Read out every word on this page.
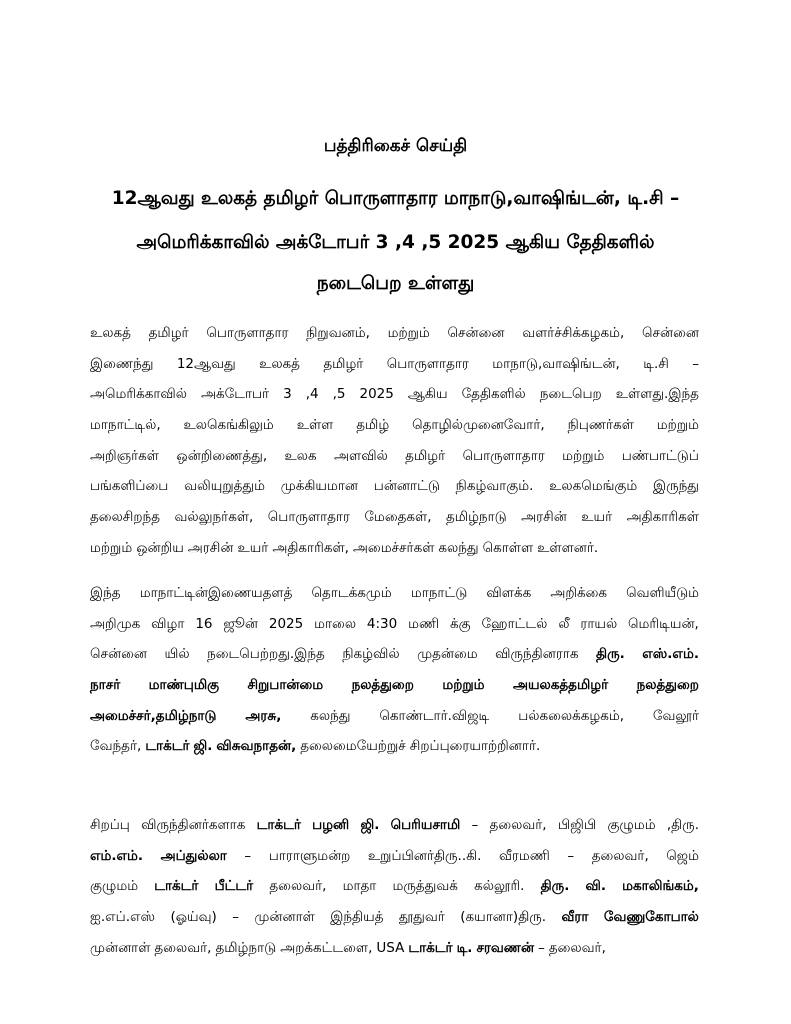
பத்திரிகைச் செய்தி
12ஆவது உலகத் தமிழர் பொருளாதார மாநாடு,வாஷிங்டன், டி.சி –
அமெரிக்காவில் அக்டோபர் 3 ,4 ,5 2025 ஆகிய தேதிகளில்
நடைபெற உள்ளது
உலகத் தமிழர் பொருளாதார நிறுவனம், மற்றும் சென்னை வளர்ச்சிக்கழகம், சென்னை
இணைந்து 12ஆவது உலகத் தமிழர் பொருளாதார மாநாடு,வாஷிங்டன், டி.சி –
அமெரிக்காவில் அக்டோபர் 3 ,4 ,5 2025 ஆகிய தேதிகளில் நடைபெற உள்ளது.இந்த
மாநாட்டில், உலகெங்கிலும் உள்ள தமிழ் தொழில்முனைவோர், நிபுணர்கள் மற்றும்
அறிஞர்கள் ஒன்றிணைத்து, உலக அளவில் தமிழர் பொருளாதார மற்றும் பண்பாட்டுப்
பங்களிப்பை வலியுறுத்தும் முக்கியமான பன்னாட்டு நிகழ்வாகும். உலகமெங்கும் இருந்து
தலைசிறந்த வல்லுநர்கள், பொருளாதார மேதைகள், தமிழ்நாடு அரசின் உயர் அதிகாரிகள்
மற்றும் ஒன்றிய அரசின் உயர் அதிகாரிகள், அமைச்சர்கள் கலந்து கொள்ள உள்ளனர்.
இந்த மாநாட்டின்இணையதளத் தொடக்கமும் மாநாட்டு விளக்க அறிக்கை வெளியீடும்
அறிமுக விழா 16 ஜூன் 2025 மாலை 4:30 மணி க்கு ஹோட்டல் லீ ராயல் மெரிடியன்,
சென்னை யில் நடைபெற்றது.இந்த நிகழ்வில் முதன்மை விருந்தினராக திரு. எஸ்.எம்.
நாசர் மாண்புமிகு சிறுபான்மை நலத்துறை மற்றும் அயலகத்தமிழர் நலத்துறை
அமைச்சர்,தமிழ்நாடு அரசு, கலந்து கொண்டார்.விஜடி பல்கலைக்கழகம், வேலூர்
வேந்தர், டாக்டர் ஜி. விசுவநாதன், தலைமையேற்றுச் சிறப்புரையாற்றினார்.
சிறப்பு விருந்தினர்களாக டாக்டர் பழனி ஜி. பெரியசாமி – தலைவர், பிஜிபி குழுமம் ,திரு.
எம்.எம். அப்துல்லா – பாராளுமன்ற உறுப்பினர்திரு..கி. வீரமணி – தலைவர், ஜெம்
குழுமம் டாக்டர் பீட்டர் தலைவர், மாதா மருத்துவக் கல்லூரி. திரு. வி. மகாலிங்கம்,
ஐ.எப்.எஸ் (ஓய்வு) – முன்னாள் இந்தியத் தூதுவர் (கயானா)திரு. வீரா வேணுகோபால்
முன்னாள் தலைவர், தமிழ்நாடு அறக்கட்டளை, USA டாக்டர் டி. சரவணன் – தலைவர்,
